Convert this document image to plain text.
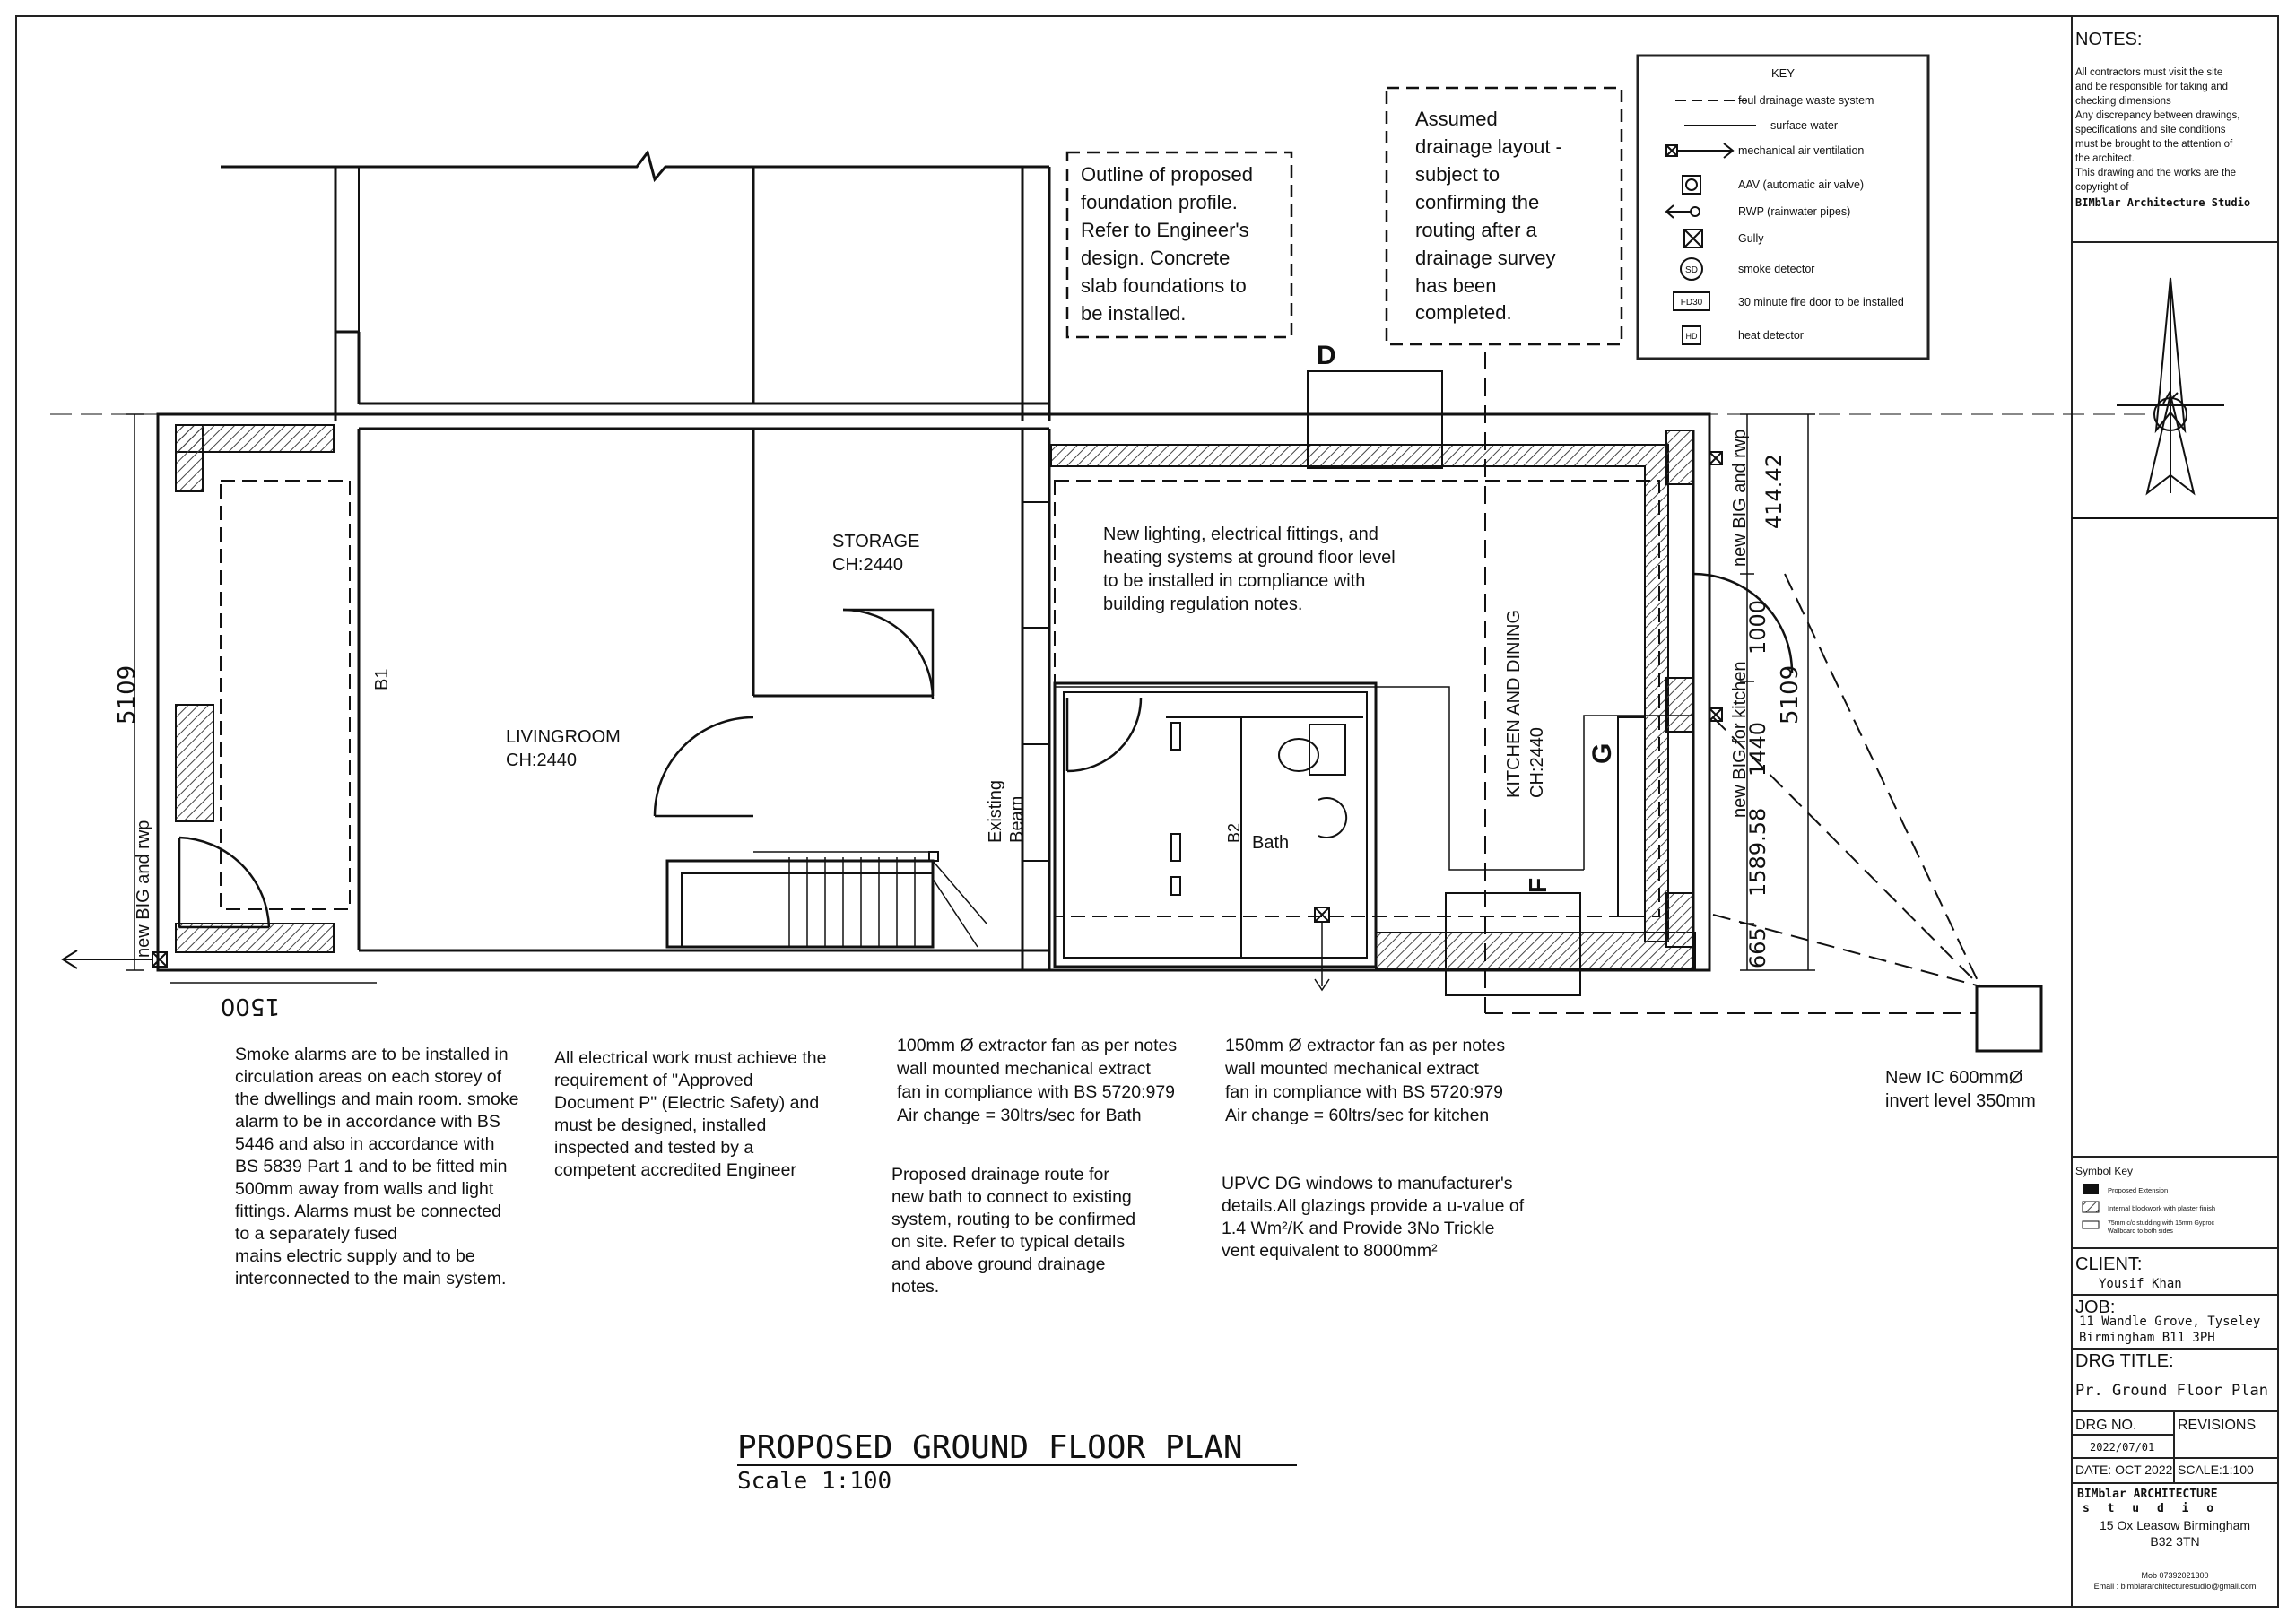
NOTES:
All contractors must visit the site
and be responsible for taking and
checking dimensions
Any discrepancy between drawings,
specifications and site conditions
must be brought to the attention of
the architect.
This drawing and the works are the
copyright of
BIMblar Architecture Studio
KEY
foul drainage waste system
surface water
mechanical air ventilation
AAV (automatic air valve)
RWP (rainwater pipes)
Gully
SD	smoke detector
FD30	30 minute fire door to be installed
HD	heat detector
Outline of proposed
foundation profile.
Refer to Engineer's
design. Concrete
slab foundations to
be installed.
Assumed
drainage layout -
subject to
confirming the
routing after a
drainage survey
has been
completed.
STORAGE
CH:2440
LIVINGROOM
CH:2440
Bath
B1
B2
Existing Beam
KITCHEN AND DINING CH:2440
D
F
G
New lighting, electrical fittings, and
heating systems at ground floor level
to be installed in compliance with
building regulation notes.
new BIG and rwp
new BIG and rwp
new BIG for kitchen
5109
1500
5109
665
1589.58
1440
1000
414.42
New IC 600mmØ
invert level 350mm
Smoke alarms are to be installed in
circulation areas on each storey of
the dwellings and main room. smoke
alarm to be in accordance with BS
5446 and also in accordance with
BS 5839 Part 1 and to be fitted min
500mm away from walls and light
fittings. Alarms must be connected
to a separately fused
mains electric supply and to be
interconnected to the main system.
All electrical work must achieve the
requirement of "Approved
Document P" (Electric Safety) and
must be designed, installed
inspected and tested by a
competent accredited Engineer
100mm Ø extractor fan as per notes
wall mounted mechanical extract
fan in compliance with BS 5720:979
Air change = 30ltrs/sec for Bath
150mm Ø extractor fan as per notes
wall mounted mechanical extract
fan in compliance with BS 5720:979
Air change = 60ltrs/sec for kitchen
Proposed drainage route for
new bath to connect to existing
system, routing to be confirmed
on site. Refer to typical details
and above ground drainage
notes.
UPVC DG windows to manufacturer's
details.All glazings provide a u-value of
1.4 Wm²/K and Provide 3No Trickle
vent equivalent to 8000mm²
PROPOSED GROUND FLOOR PLAN
Scale 1:100
Symbol Key
Proposed Extension
Internal blockwork with plaster finish
75mm c/c studding with 15mm Gyproc
Wallboard to both sides
CLIENT:
Yousif Khan
JOB:
11 Wandle Grove, Tyseley
Birmingham B11 3PH
DRG TITLE:
Pr. Ground Floor Plan
DRG NO.	REVISIONS
2022/07/01
DATE: OCT 2022 SCALE:1:100
BIMblar ARCHITECTURE
s t u d i o
15 Ox Leasow Birmingham
B32 3TN
Mob 07392021300
Email : bimblararchitecturestudio@gmail.com
